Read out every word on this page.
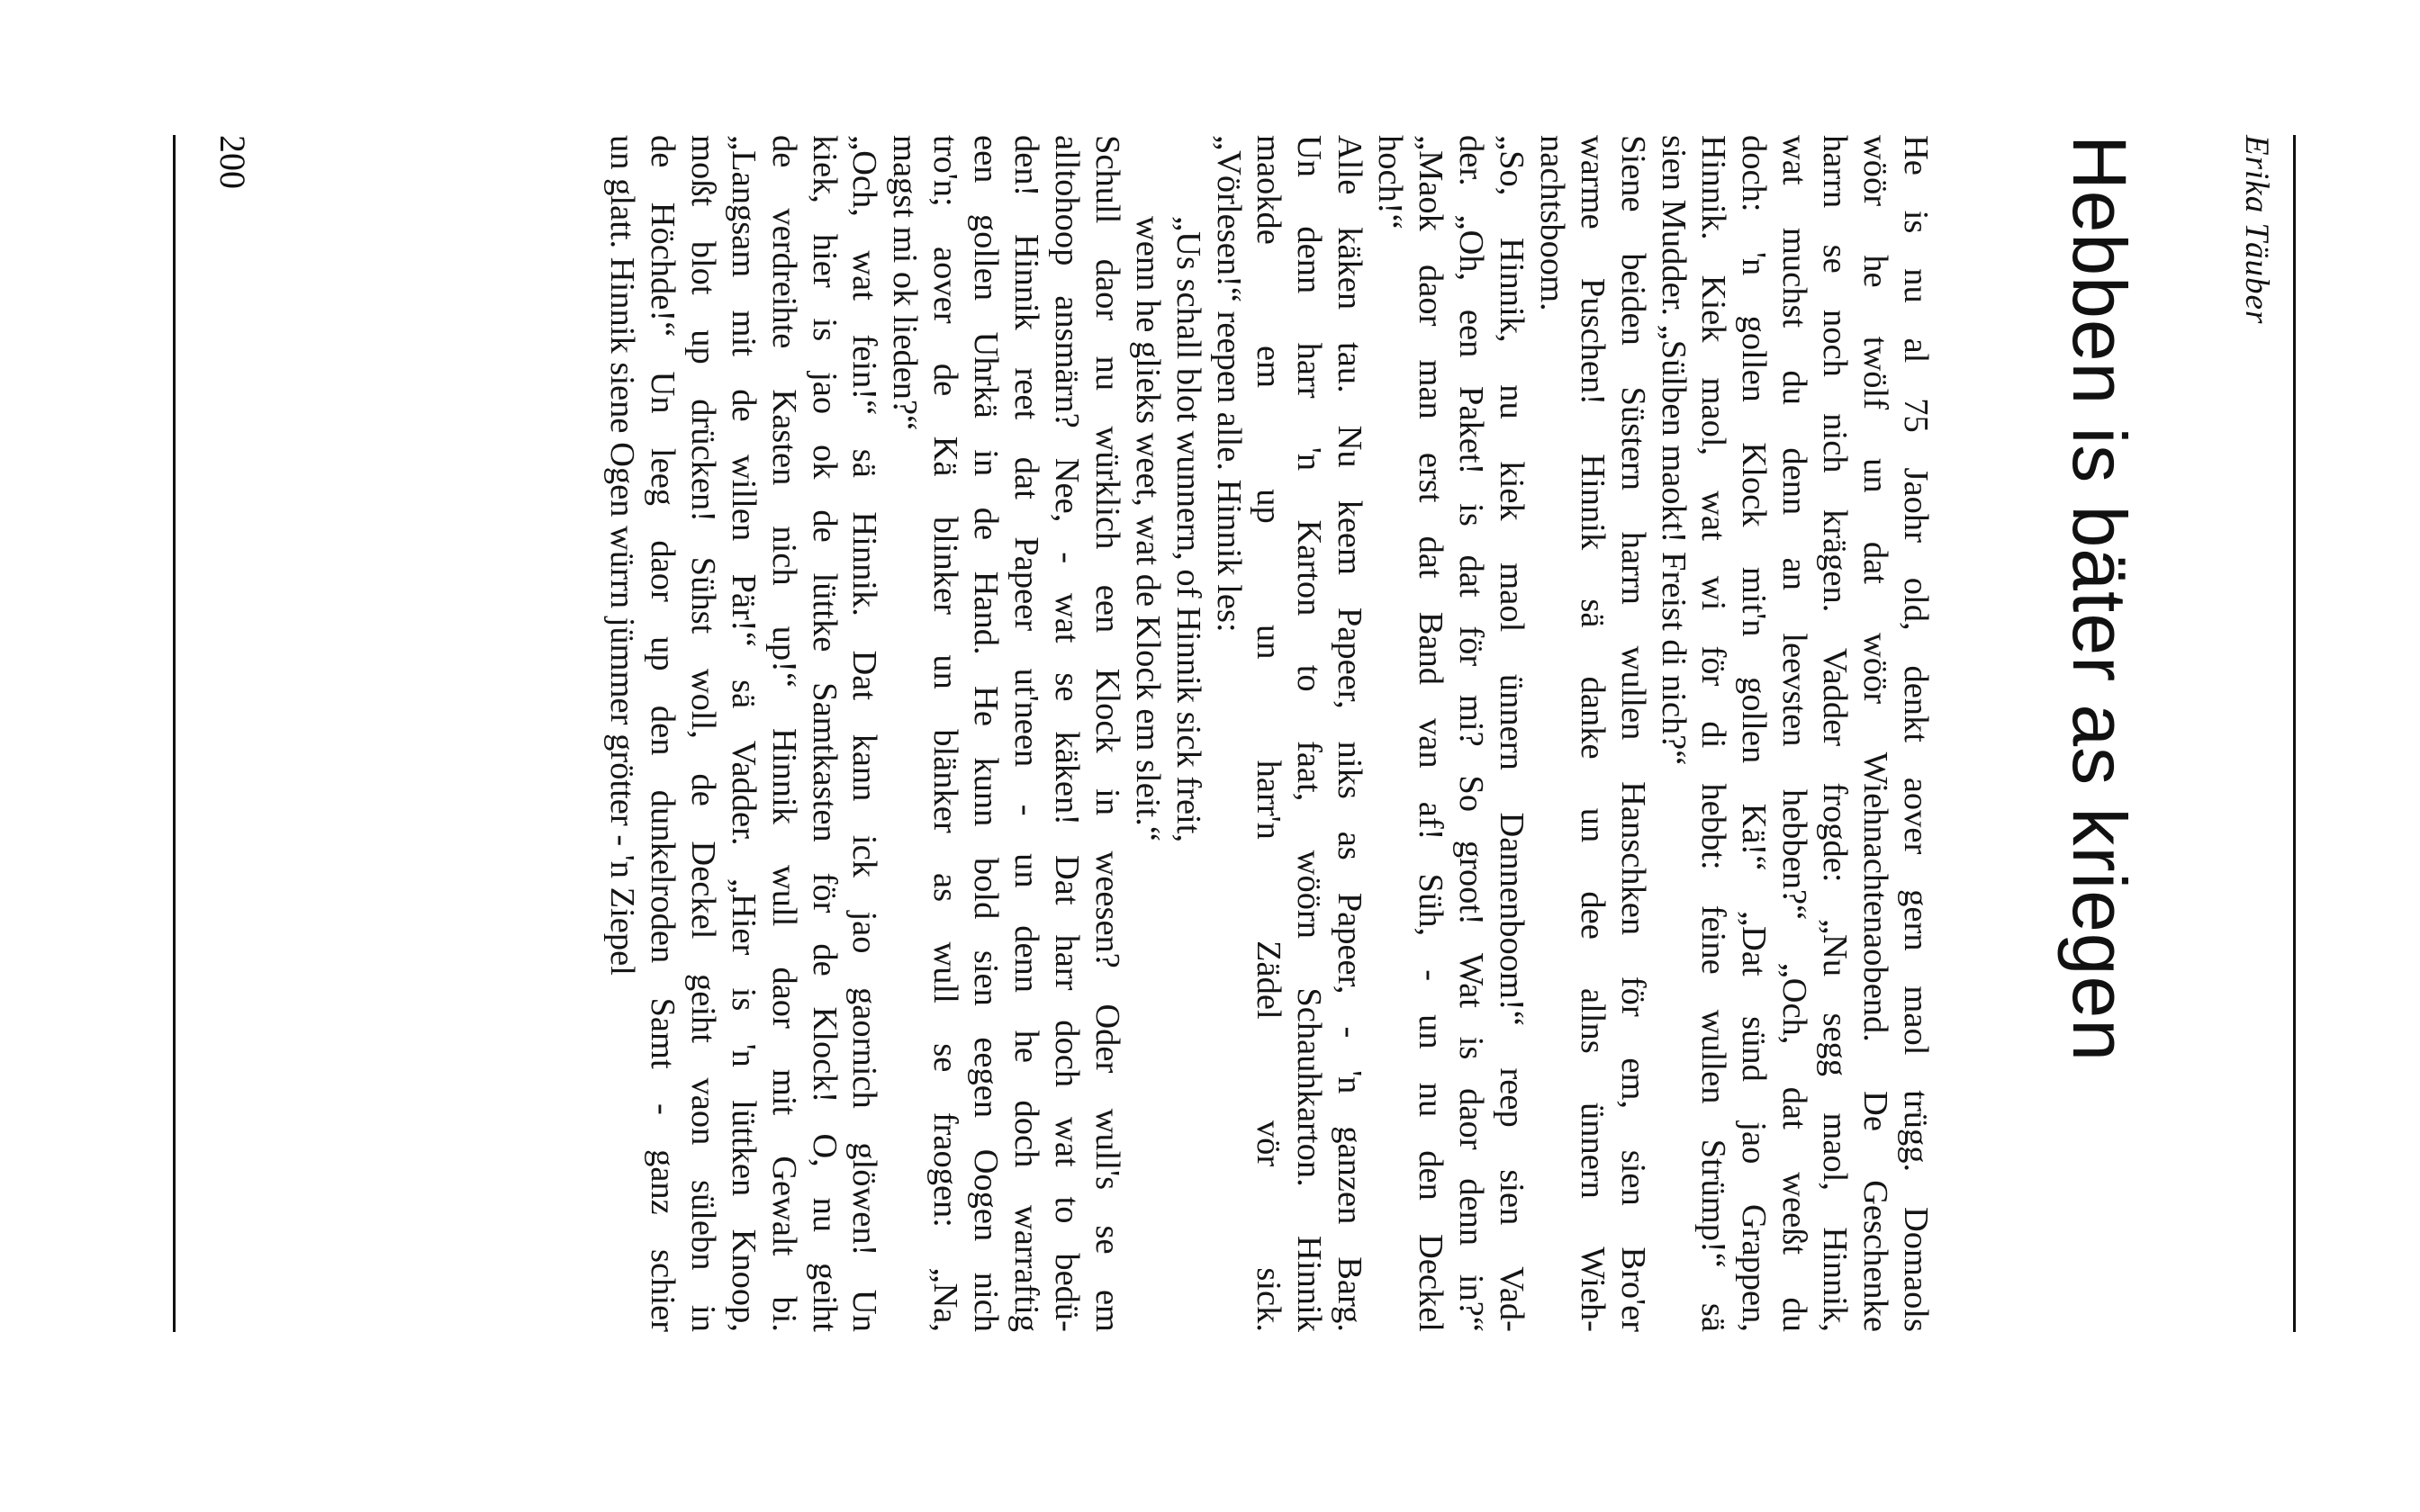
Erika Täuber
Hebben is bäter as kriegen
He is nu al 75 Jaohr old, denkt aover gern maol trügg. Domaols
wöör he twölf un dat wöör Wiehnachtenaobend. De Geschenke
harrn se noch nich krägen. Vadder frogde: „Nu segg maol, Hinnik,
wat muchst du denn an leevsten hebben?“ „Och, dat weeßt du
doch: 'n gollen Klock mit'n gollen Kä!“ „Dat sünd jao Grappen,
Hinnik. Kiek maol, wat wi för di hebbt: feine wullen Strümp!“ sä
sien Mudder. „Sülben maokt! Freist di nich?“
Siene beiden Süstern harrn wullen Hanschken för em, sien Bro'er
warme Puschen! Hinnik sä danke un dee allns ünnern Wieh-
nachtsboom.
„So, Hinnik, nu kiek maol ünnern Dannenboom!“ reep sien Vad-
der. „Oh, een Paket! is dat för mi? So groot! Wat is daor denn in?“
„Maok daor man erst dat Band van af! Süh, - un nu den Deckel
hoch!“
Alle käken tau. Nu keem Papeer, niks as Papeer, - 'n ganzen Barg.
Un denn harr 'n Karton to faat, wöörn Schauhkarton. Hinnik
maokde em up un harr'n Zädel vör sick.
„Vörlesen!“ reepen alle. Hinnik les:
„Us schall blot wunnern, of Hinnik sick freit,
wenn he glieks weet, wat de Klock em sleit.“
Schull daor nu würklich een Klock in weesen? Oder wull's se em
alltohoop ansmärn? Nee, - wat se käken! Dat harr doch wat to bedü-
den! Hinnik reet dat Papeer ut'neen - un denn he doch warraftig
een gollen Uhrkä in de Hand. He kunn bold sien eegen Oogen nich
tro'n; aover de Kä blinker un blänker as wull se fraogen: „Na,
magst mi ok lieden?“
„Och, wat fein!“ sä Hinnik. Dat kann ick jao gaornich glöwen! Un
kiek, hier is jao ok de lüttke Samtkasten för de Klock! O, nu geiht
de verdreihte Kasten nich up!“ Hinnik wull daor mit Gewalt bi.
„Langsam mit de willen Pär!“ sä Vadder. „Hier is 'n lüttken Knoop,
moßt blot up drücken! Sühst woll, de Deckel geiht vaon sülebn in
de Höchde!“ Un leeg daor up den dunkelroden Samt - ganz schier
un glatt. Hinnik siene Ogen würrn jümmer grötter - 'n Ziepel
200
